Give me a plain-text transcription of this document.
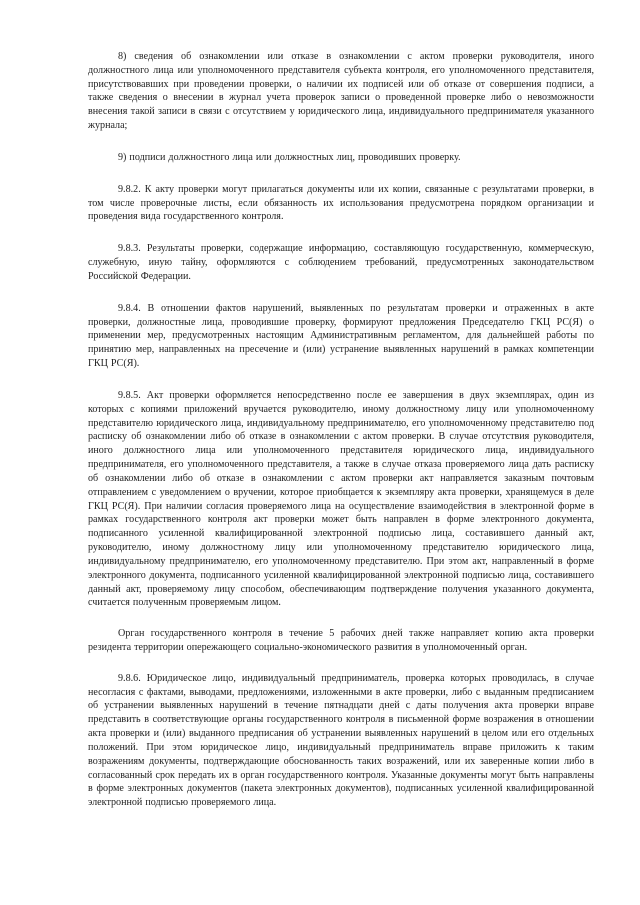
8) сведения об ознакомлении или отказе в ознакомлении с актом проверки руководителя, иного должностного лица или уполномоченного представителя субъекта контроля, его уполномоченного представителя, присутствовавших при проведении проверки, о наличии их подписей или об отказе от совершения подписи, а также сведения о внесении в журнал учета проверок записи о проведенной проверке либо о невозможности внесения такой записи в связи с отсутствием у юридического лица, индивидуального предпринимателя указанного журнала;

9) подписи должностного лица или должностных лиц, проводивших проверку.

9.8.2. К акту проверки могут прилагаться документы или их копии, связанные с результатами проверки, в том числе проверочные листы, если обязанность их использования предусмотрена порядком организации и проведения вида государственного контроля.

9.8.3. Результаты проверки, содержащие информацию, составляющую государственную, коммерческую, служебную, иную тайну, оформляются с соблюдением требований, предусмотренных законодательством Российской Федерации.

9.8.4. В отношении фактов нарушений, выявленных по результатам проверки и отраженных в акте проверки, должностные лица, проводившие проверку, формируют предложения Председателю ГКЦ РС(Я) о применении мер, предусмотренных настоящим Административным регламентом, для дальнейшей работы по принятию мер, направленных на пресечение и (или) устранение выявленных нарушений в рамках компетенции ГКЦ РС(Я).

9.8.5. Акт проверки оформляется непосредственно после ее завершения в двух экземплярах, один из которых с копиями приложений вручается руководителю, иному должностному лицу или уполномоченному представителю юридического лица, индивидуальному предпринимателю, его уполномоченному представителю под расписку об ознакомлении либо об отказе в ознакомлении с актом проверки. В случае отсутствия руководителя, иного должностного лица или уполномоченного представителя юридического лица, индивидуального предпринимателя, его уполномоченного представителя, а также в случае отказа проверяемого лица дать расписку об ознакомлении либо об отказе в ознакомлении с актом проверки акт направляется заказным почтовым отправлением с уведомлением о вручении, которое приобщается к экземпляру акта проверки, хранящемуся в деле ГКЦ РС(Я). При наличии согласия проверяемого лица на осуществление взаимодействия в электронной форме в рамках государственного контроля акт проверки может быть направлен в форме электронного документа, подписанного усиленной квалифицированной электронной подписью лица, составившего данный акт, руководителю, иному должностному лицу или уполномоченному представителю юридического лица, индивидуальному предпринимателю, его уполномоченному представителю. При этом акт, направленный в форме электронного документа, подписанного усиленной квалифицированной электронной подписью лица, составившего данный акт, проверяемому лицу способом, обеспечивающим подтверждение получения указанного документа, считается полученным проверяемым лицом.

Орган государственного контроля в течение 5 рабочих дней также направляет копию акта проверки резидента территории опережающего социально-экономического развития в уполномоченный орган.

9.8.6. Юридическое лицо, индивидуальный предприниматель, проверка которых проводилась, в случае несогласия с фактами, выводами, предложениями, изложенными в акте проверки, либо с выданным предписанием об устранении выявленных нарушений в течение пятнадцати дней с даты получения акта проверки вправе представить в соответствующие органы государственного контроля в письменной форме возражения в отношении акта проверки и (или) выданного предписания об устранении выявленных нарушений в целом или его отдельных положений. При этом юридическое лицо, индивидуальный предприниматель вправе приложить к таким возражениям документы, подтверждающие обоснованность таких возражений, или их заверенные копии либо в согласованный срок передать их в орган государственного контроля. Указанные документы могут быть направлены в форме электронных документов (пакета электронных документов), подписанных усиленной квалифицированной электронной подписью проверяемого лица.
